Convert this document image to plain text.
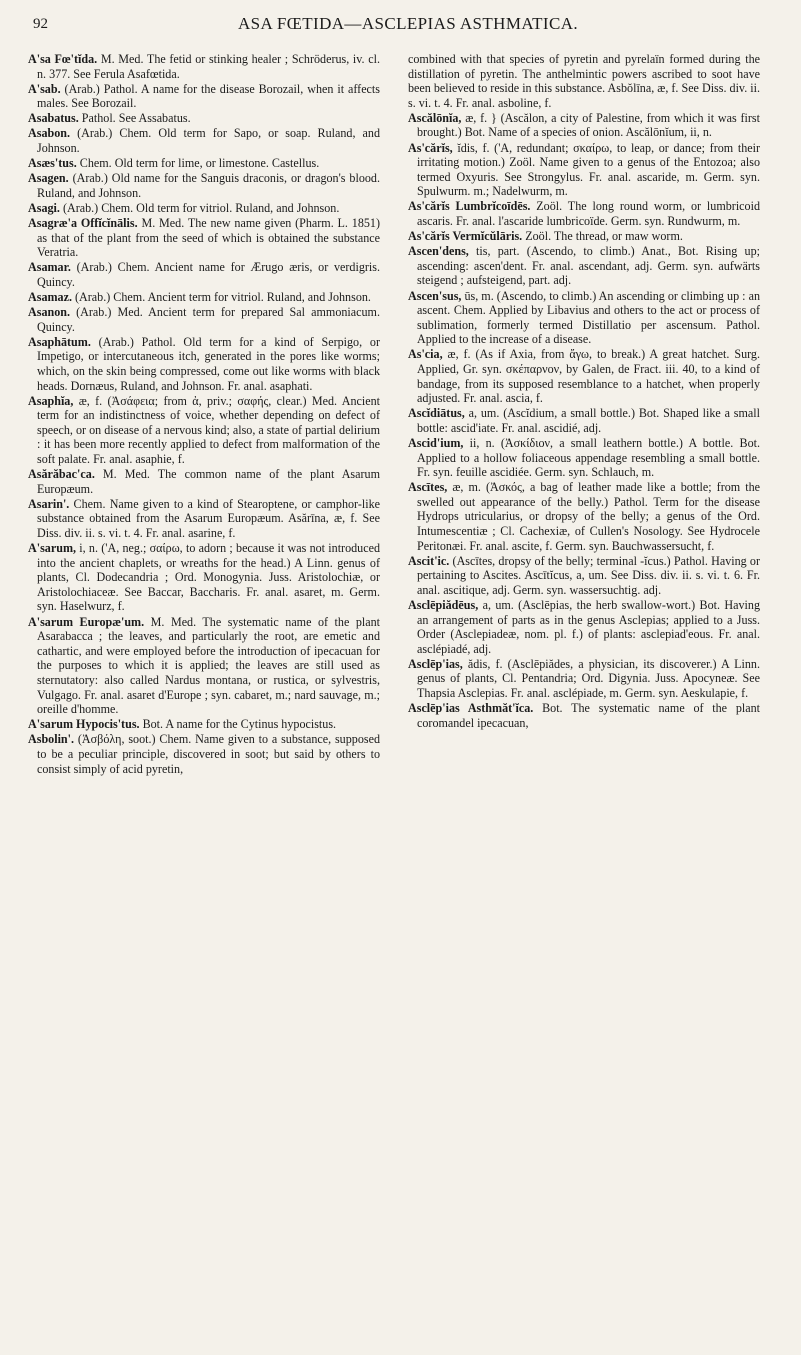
92	ASA FŒTIDA—ASCLEPIAS ASTHMATICA.

A'sa Fœ'tĭda. M. Med. The fetid or stinking healer ; Schröderus, iv. cl. n. 377. See Ferula Asafœtida.

A'sab. (Arab.) Pathol. A name for the disease Borozail, when it affects males. See Borozail.

Asabatus. Pathol. See Assabatus.

Asabon. (Arab.) Chem. Old term for Sapo, or soap. Ruland, and Johnson.

Asæs'tus. Chem. Old term for lime, or limestone. Castellus.

Asagen. (Arab.) Old name for the Sanguis draconis, or dragon's blood. Ruland, and Johnson.

Asagi. (Arab.) Chem. Old term for vitriol. Ruland, and Johnson.

Asagræ'a Offĭcĭnālis. M. Med. The new name given (Pharm. L. 1851) as that of the plant from the seed of which is obtained the substance Veratria.

Asamar. (Arab.) Chem. Ancient name for Ærugo æris, or verdigris. Quincy.

Asamaz. (Arab.) Chem. Ancient term for vitriol. Ruland, and Johnson.

Asanon. (Arab.) Med. Ancient term for prepared Sal ammoniacum. Quincy.

Asaphātum. (Arab.) Pathol. Old term for a kind of Serpigo, or Impetigo, or intercutaneous itch, generated in the pores like worms; which, on the skin being compressed, come out like worms with black heads. Dornæus, Ruland, and Johnson. Fr. anal. asaphati.

Asaphĭa, æ, f. (Ἀσάφεια; from ἀ, priv.; σαφής, clear.) Med. Ancient term for an indistinctness of voice, whether depending on defect of speech, or on disease of a nervous kind; also, a state of partial delirium : it has been more recently applied to defect from malformation of the soft palate. Fr. anal. asaphie, f.

Asărăbac'ca. M. Med. The common name of the plant Asarum Europæum.

Asarin'. Chem. Name given to a kind of Stearoptene, or camphor-like substance obtained from the Asarum Europæum. Asărīna, æ, f. See Diss. div. ii. s. vi. t. 4. Fr. anal. asarine, f.

A'sarum, i, n. ('A, neg.; σαίρω, to adorn ; because it was not introduced into the ancient chaplets, or wreaths for the head.) A Linn. genus of plants, Cl. Dodecandria ; Ord. Monogynia. Juss. Aristolochiæ, or Aristolochiaceæ. See Baccar, Baccharis. Fr. anal. asaret, m. Germ. syn. Haselwurz, f.

A'sarum Europæ'um. M. Med. The systematic name of the plant Asarabacca ; the leaves, and particularly the root, are emetic and cathartic, and were employed before the introduction of ipecacuan for the purposes to which it is applied; the leaves are still used as sternutatory: also called Nardus montana, or rustica, or sylvestris, Vulgago. Fr. anal. asaret d'Europe ; syn. cabaret, m.; nard sauvage, m.; oreille d'homme.

A'sarum Hypocis'tus. Bot. A name for the Cytinus hypocistus.

Asbolin'. (Ἀσβόλη, soot.) Chem. Name given to a substance, supposed to be a peculiar principle, discovered in soot; but said by others to consist simply of acid pyretin,

combined with that species of pyretin and pyrelaïn formed during the distillation of pyretin. The anthelmintic powers ascribed to soot have been believed to reside in this substance. Asbŏlīna, æ, f. See Diss. div. ii. s. vi. t. 4. Fr. anal. asboline, f.

Ascălōnĭa, æ, f. } (Ascălon, a city of Palestine, from which it was first brought.) Bot. Name of a species of onion. Ascălōnĭum, ii, n.

As'cărĭs, ĭdis, f. ('A, redundant; σκαίρω, to leap, or dance; from their irritating motion.) Zoöl. Name given to a genus of the Entozoa; also termed Oxyuris. See Strongylus. Fr. anal. ascaride, m. Germ. syn. Spulwurm. m.; Nadelwurm, m.

As'cărĭs Lumbrĭcoīdēs. Zoöl. The long round worm, or lumbricoid ascaris. Fr. anal. l'ascaride lumbricoïde. Germ. syn. Rundwurm, m.

As'cărĭs Vermĭcŭlāris. Zoöl. The thread, or maw worm.

Ascen'dens, tis, part. (Ascendo, to climb.) Anat., Bot. Rising up; ascending: ascen'dent. Fr. anal. ascendant, adj. Germ. syn. aufwärts steigend ; aufsteigend, part. adj.

Ascen'sus, ūs, m. (Ascendo, to climb.) An ascending or climbing up : an ascent. Chem. Applied by Libavius and others to the act or process of sublimation, formerly termed Distillatio per ascensum. Pathol. Applied to the increase of a disease.

As'cia, æ, f. (As if Axia, from ἄγω, to break.) A great hatchet. Surg. Applied, Gr. syn. σκέπαρνον, by Galen, de Fract. iii. 40, to a kind of bandage, from its supposed resemblance to a hatchet, when properly adjusted. Fr. anal. ascia, f.

Ascĭdiātus, a, um. (Ascĭdium, a small bottle.) Bot. Shaped like a small bottle: ascid'iate. Fr. anal. ascidié, adj.

Ascid'ium, ii, n. (Ἀσκίδιον, a small leathern bottle.) A bottle. Bot. Applied to a hollow foliaceous appendage resembling a small bottle. Fr. syn. feuille ascidiée. Germ. syn. Schlauch, m.

Ascītes, æ, m. (Ἀσκός, a bag of leather made like a bottle; from the swelled out appearance of the belly.) Pathol. Term for the disease Hydrops utricularius, or dropsy of the belly; a genus of the Ord. Intumescentiæ ; Cl. Cachexiæ, of Cullen's Nosology. See Hydrocele Peritonæi. Fr. anal. ascite, f. Germ. syn. Bauchwassersucht, f.

Ascit'ic. (Ascītes, dropsy of the belly; terminal -ĭcus.) Pathol. Having or pertaining to Ascites. Ascītĭcus, a, um. See Diss. div. ii. s. vi. t. 6. Fr. anal. ascitique, adj. Germ. syn. wassersuchtig. adj.

Asclēpiădēus, a, um. (Asclēpias, the herb swallow-wort.) Bot. Having an arrangement of parts as in the genus Asclepias; applied to a Juss. Order (Asclepiadeæ, nom. pl. f.) of plants: asclepiad'eous. Fr. anal. asclépiadé, adj.

Asclēp'ias, ădis, f. (Asclēpiădes, a physician, its discoverer.) A Linn. genus of plants, Cl. Pentandria; Ord. Digynia. Juss. Apocyneæ. See Thapsia Asclepias. Fr. anal. asclépiade, m. Germ. syn. Aeskulapie, f.

Asclēp'ias Asthmăt'ĭca. Bot. The systematic name of the plant coromandel ipecacuan,
